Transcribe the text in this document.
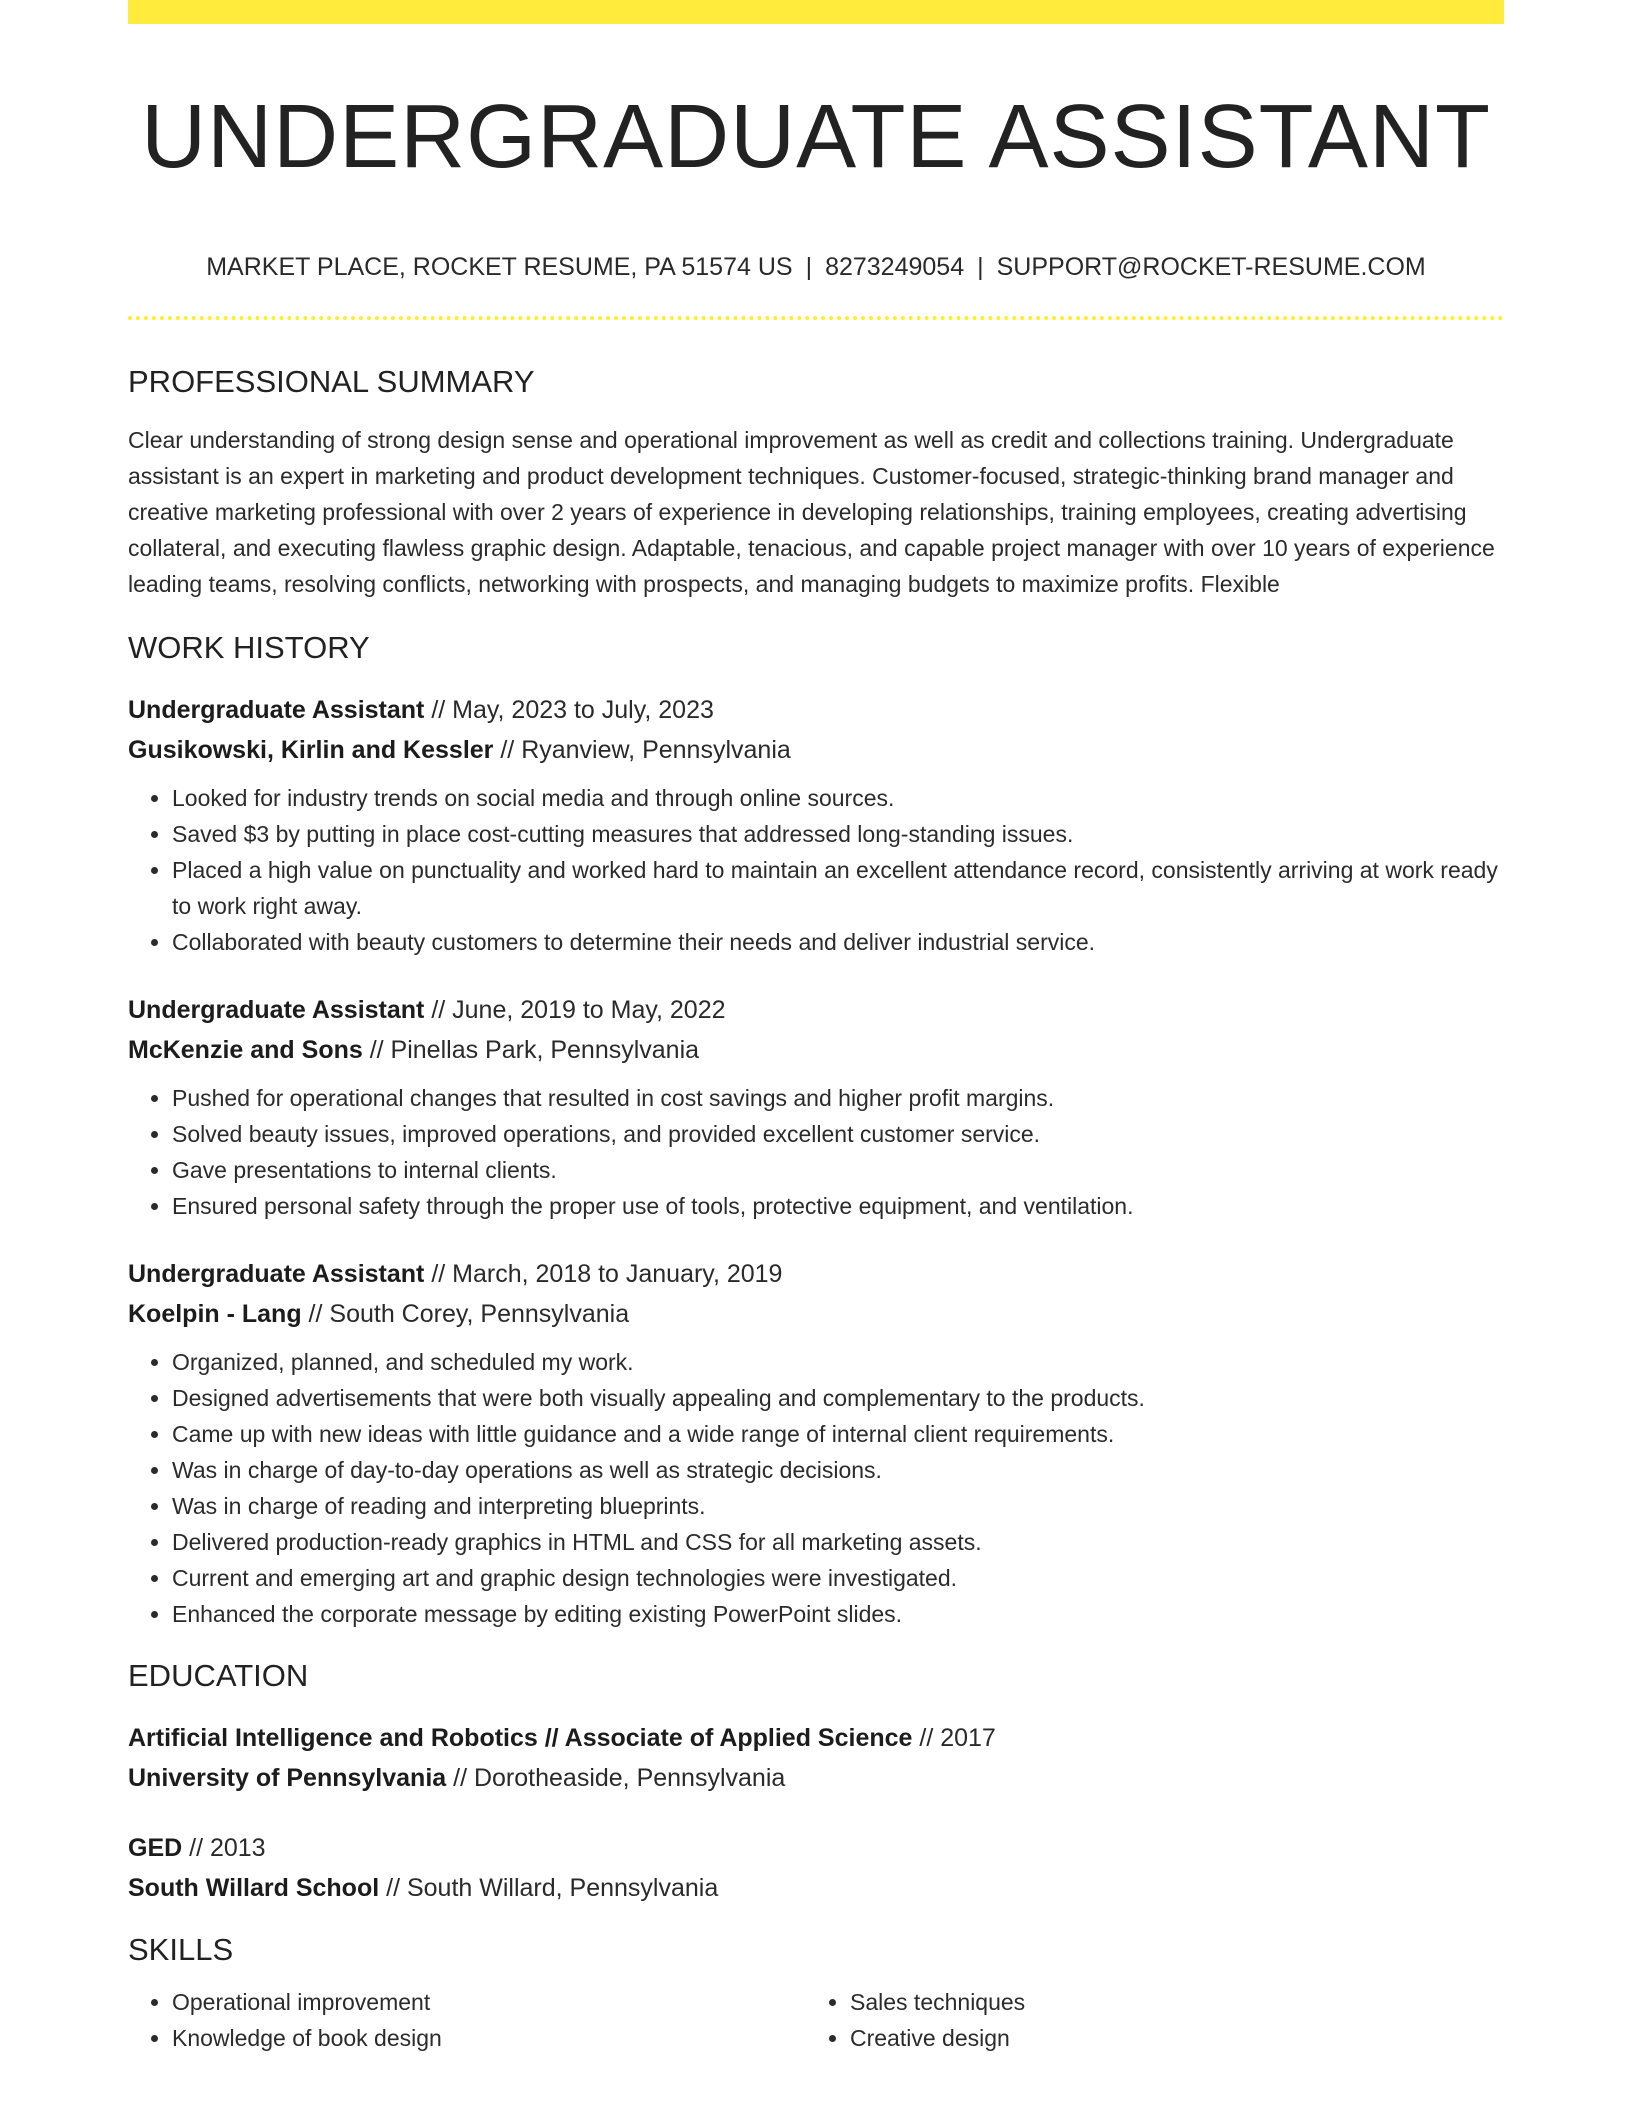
UNDERGRADUATE ASSISTANT
MARKET PLACE, ROCKET RESUME, PA 51574 US | 8273249054 | SUPPORT@ROCKET-RESUME.COM
PROFESSIONAL SUMMARY
Clear understanding of strong design sense and operational improvement as well as credit and collections training. Undergraduate assistant is an expert in marketing and product development techniques. Customer-focused, strategic-thinking brand manager and creative marketing professional with over 2 years of experience in developing relationships, training employees, creating advertising collateral, and executing flawless graphic design. Adaptable, tenacious, and capable project manager with over 10 years of experience leading teams, resolving conflicts, networking with prospects, and managing budgets to maximize profits. Flexible
WORK HISTORY
Undergraduate Assistant // May, 2023 to July, 2023
Gusikowski, Kirlin and Kessler // Ryanview, Pennsylvania
• Looked for industry trends on social media and through online sources.
• Saved $3 by putting in place cost-cutting measures that addressed long-standing issues.
• Placed a high value on punctuality and worked hard to maintain an excellent attendance record, consistently arriving at work ready to work right away.
• Collaborated with beauty customers to determine their needs and deliver industrial service.
Undergraduate Assistant // June, 2019 to May, 2022
McKenzie and Sons // Pinellas Park, Pennsylvania
• Pushed for operational changes that resulted in cost savings and higher profit margins.
• Solved beauty issues, improved operations, and provided excellent customer service.
• Gave presentations to internal clients.
• Ensured personal safety through the proper use of tools, protective equipment, and ventilation.
Undergraduate Assistant // March, 2018 to January, 2019
Koelpin - Lang // South Corey, Pennsylvania
• Organized, planned, and scheduled my work.
• Designed advertisements that were both visually appealing and complementary to the products.
• Came up with new ideas with little guidance and a wide range of internal client requirements.
• Was in charge of day-to-day operations as well as strategic decisions.
• Was in charge of reading and interpreting blueprints.
• Delivered production-ready graphics in HTML and CSS for all marketing assets.
• Current and emerging art and graphic design technologies were investigated.
• Enhanced the corporate message by editing existing PowerPoint slides.
EDUCATION
Artificial Intelligence and Robotics // Associate of Applied Science // 2017
University of Pennsylvania // Dorotheaside, Pennsylvania
GED // 2013
South Willard School // South Willard, Pennsylvania
SKILLS
• Operational improvement
• Knowledge of book design
• Sales techniques
• Creative design
